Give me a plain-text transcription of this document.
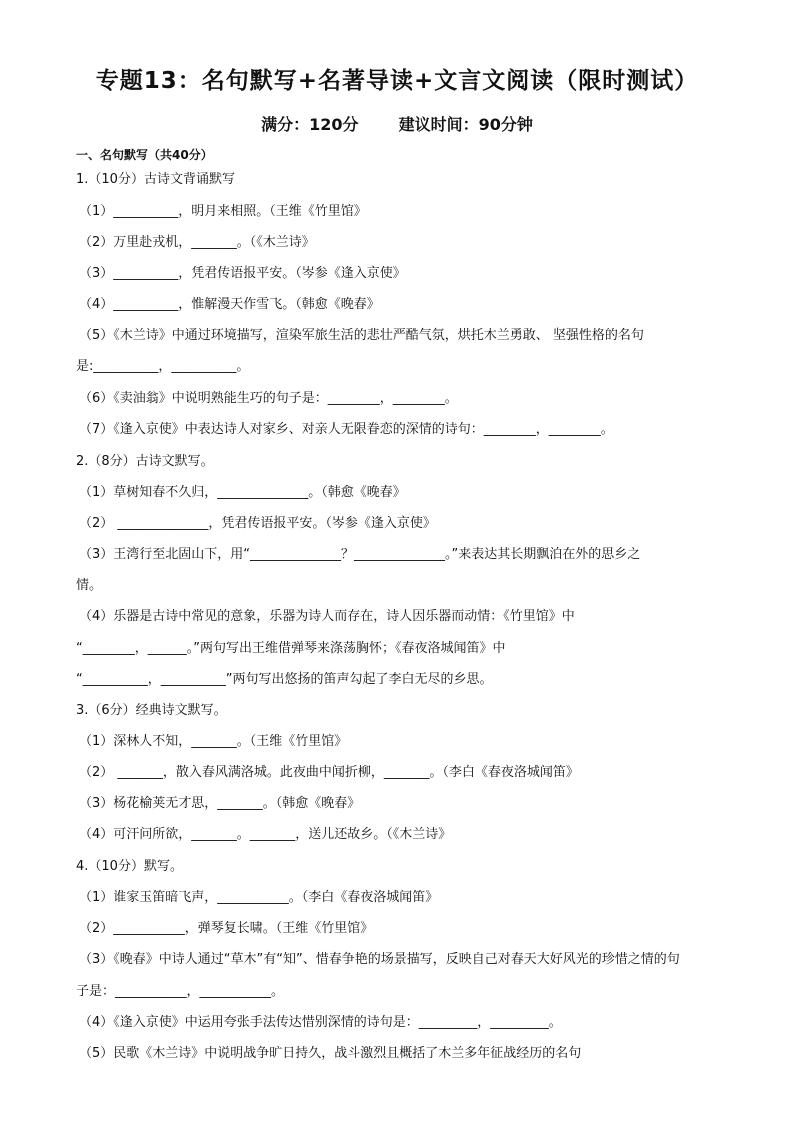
专题13：名句默写+名著导读+文言文阅读（限时测试）
满分：120分	建议时间：90分钟
一、名句默写（共40分）
1.（10分）古诗文背诵默写
（1）__________，明月来相照。（王维《竹里馆》
（2）万里赴戎机，_______。（《木兰诗》
（3）__________，凭君传语报平安。（岑参《逢入京使》
（4）__________，惟解漫天作雪飞。（韩愈《晚春》
（5）《木兰诗》中通过环境描写，渲染军旅生活的悲壮严酷气氛，烘托木兰勇敢、 坚强性格的名句
是:__________，__________。
（6）《卖油翁》中说明熟能生巧的句子是：________，________。
（7）《逢入京使》中表达诗人对家乡、对亲人无限眷恋的深情的诗句：________，________。
2.（8分）古诗文默写。
（1）草树知春不久归，______________。（韩愈《晚春》
（2） ______________，凭君传语报平安。（岑参《逢入京使》
（3）王湾行至北固山下，用“______________？______________。”来表达其长期飘泊在外的思乡之
情。
（4）乐器是古诗中常见的意象，乐器为诗人而存在，诗人因乐器而动情：《竹里馆》中
“________，______。”两句写出王维借弹琴来涤荡胸怀；《春夜洛城闻笛》中
“__________，__________”两句写出悠扬的笛声勾起了李白无尽的乡思。
3.（6分）经典诗文默写。
（1）深林人不知，_______。（王维《竹里馆》
（2） _______，散入春风满洛城。此夜曲中闻折柳，_______。（李白《春夜洛城闻笛》
（3）杨花榆荚无才思，_______。（韩愈《晚春》
（4）可汗问所欲，_______。_______，送儿还故乡。（《木兰诗》
4.（10分）默写。
（1）谁家玉笛暗飞声，___________。（李白《春夜洛城闻笛》
（2）___________，弹琴复长啸。（王维《竹里馆》
（3）《晚春》中诗人通过“草木”有“知”、惜春争艳的场景描写，反映自己对春天大好风光的珍惜之情的句
子是：___________，___________。
（4）《逢入京使》中运用夸张手法传达惜别深情的诗句是：_________，_________。
（5）民歌《木兰诗》中说明战争旷日持久，战斗激烈且概括了木兰多年征战经历的名句
